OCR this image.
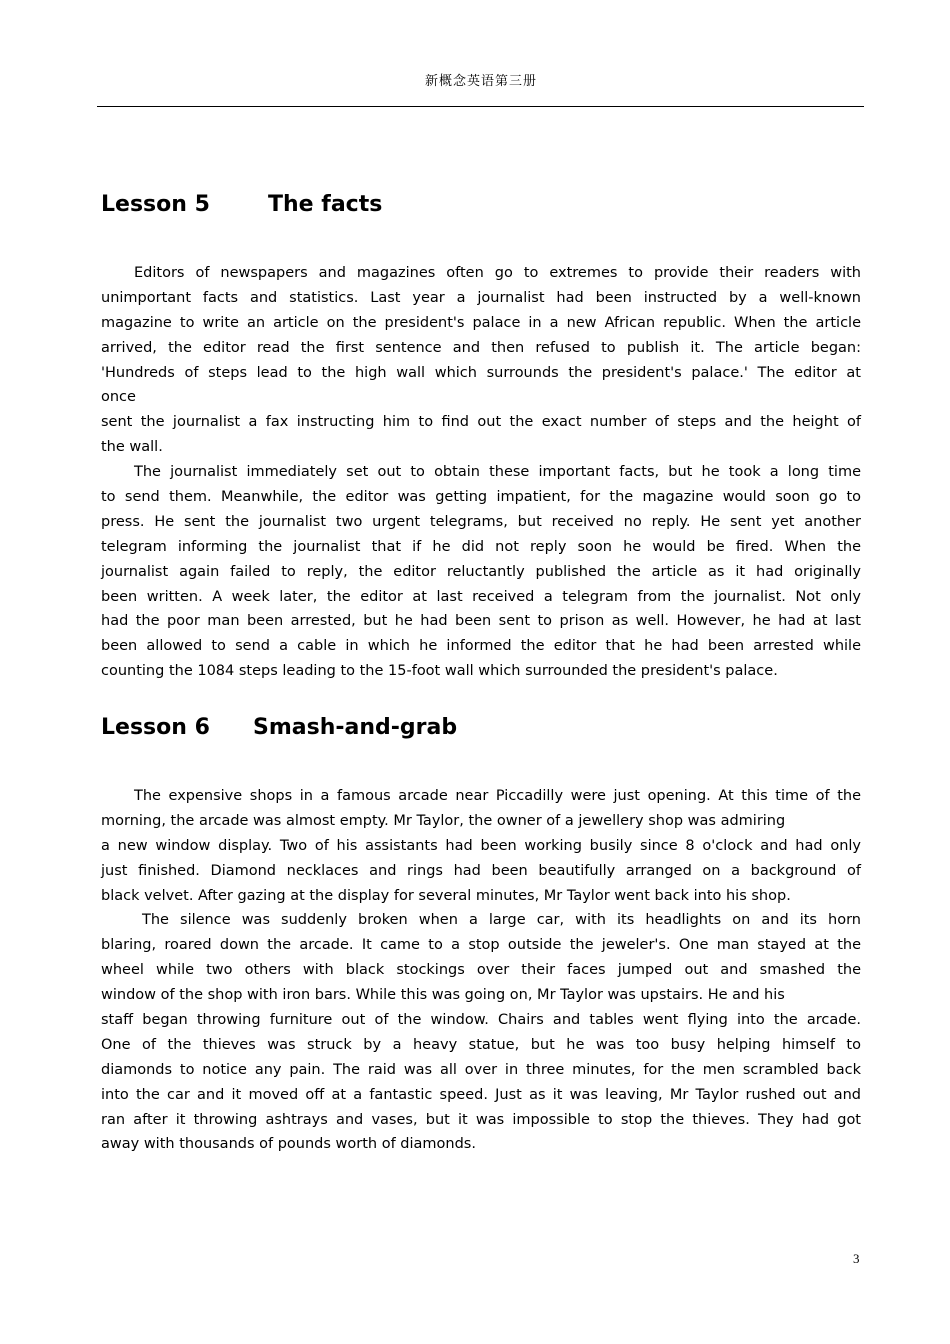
新概念英语第三册
Lesson 5	The facts
Editors of newspapers and magazines often go to extremes to provide their readers with
unimportant facts and statistics. Last year a journalist had been instructed by a well-known
magazine to write an article on the president's palace in a new African republic. When the article
arrived, the editor read the first sentence and then refused to publish it. The article began:
'Hundreds of steps lead to the high wall which surrounds the president's palace.' The editor at
once
sent the journalist a fax instructing him to find out the exact number of steps and the height of
the wall.
The journalist immediately set out to obtain these important facts, but he took a long time
to send them. Meanwhile, the editor was getting impatient, for the magazine would soon go to
press. He sent the journalist two urgent telegrams, but received no reply. He sent yet another
telegram informing the journalist that if he did not reply soon he would be fired. When the
journalist again failed to reply, the editor reluctantly published the article as it had originally
been written. A week later, the editor at last received a telegram from the journalist. Not only
had the poor man been arrested, but he had been sent to prison as well. However, he had at last
been allowed to send a cable in which he informed the editor that he had been arrested while
counting the 1084 steps leading to the 15-foot wall which surrounded the president's palace.
Lesson 6 Smash-and-grab
The expensive shops in a famous arcade near Piccadilly were just opening. At this time of the
morning, the arcade was almost empty. Mr Taylor, the owner of a jewellery shop was admiring
a new window display. Two of his assistants had been working busily since 8 o'clock and had only
just finished. Diamond necklaces and rings had been beautifully arranged on a background of
black velvet. After gazing at the display for several minutes, Mr Taylor went back into his shop.
The silence was suddenly broken when a large car, with its headlights on and its horn
blaring, roared down the arcade. It came to a stop outside the jeweler's. One man stayed at the
wheel while two others with black stockings over their faces jumped out and smashed the
window of the shop with iron bars. While this was going on, Mr Taylor was upstairs. He and his
staff began throwing furniture out of the window. Chairs and tables went flying into the arcade.
One of the thieves was struck by a heavy statue, but he was too busy helping himself to
diamonds to notice any pain. The raid was all over in three minutes, for the men scrambled back
into the car and it moved off at a fantastic speed. Just as it was leaving, Mr Taylor rushed out and
ran after it throwing ashtrays and vases, but it was impossible to stop the thieves. They had got
away with thousands of pounds worth of diamonds.
3
